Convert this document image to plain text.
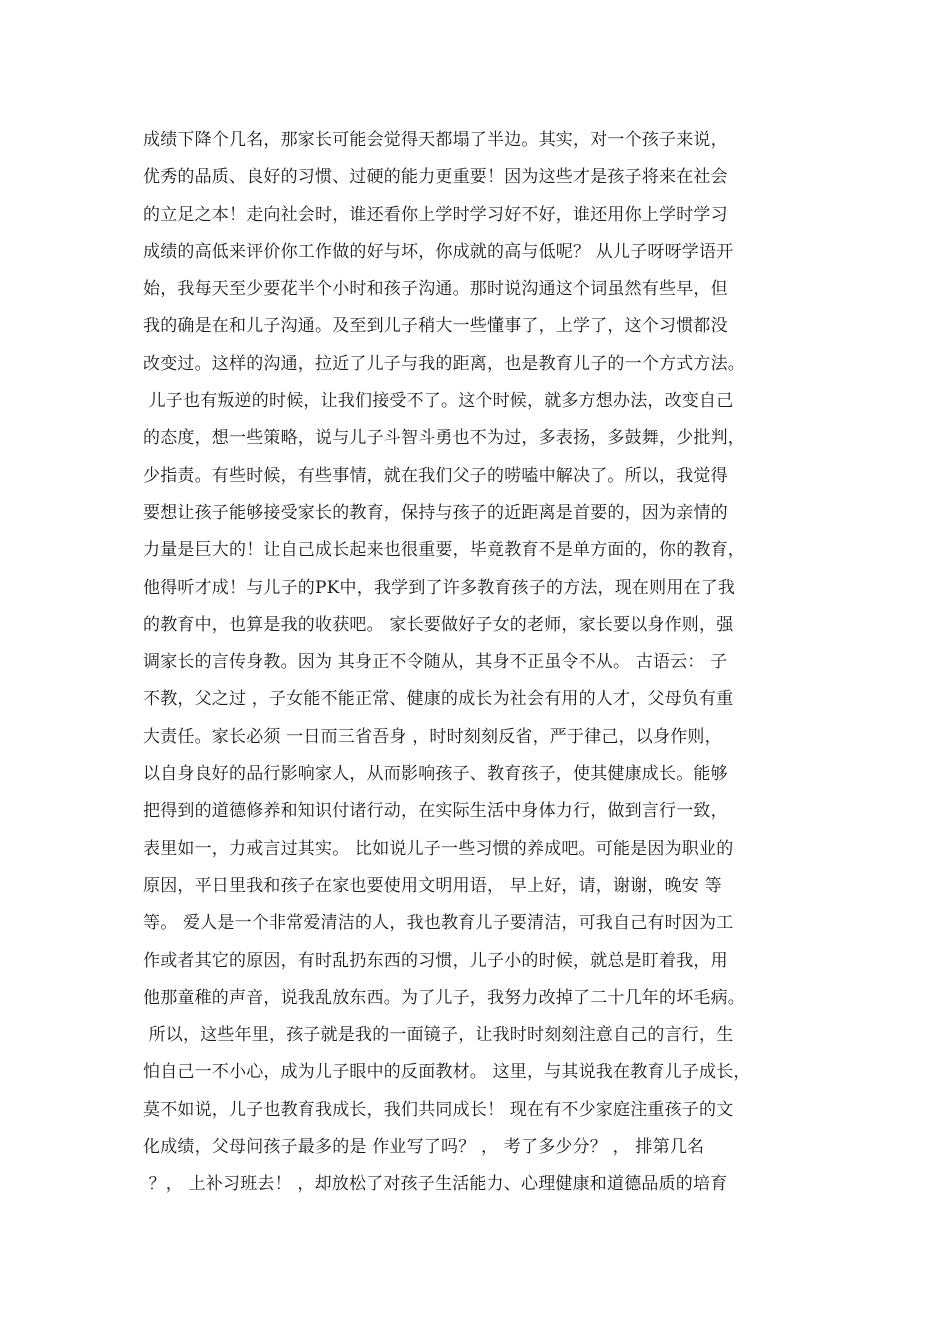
成绩下降个几名，那家长可能会觉得天都塌了半边。其实，对一个孩子来说，
优秀的品质、良好的习惯、过硬的能力更重要！因为这些才是孩子将来在社会
的立足之本！走向社会时，谁还看你上学时学习好不好，谁还用你上学时学习
成绩的高低来评价你工作做的好与坏，你成就的高与低呢？ 从儿子呀呀学语开
始，我每天至少要花半个小时和孩子沟通。那时说沟通这个词虽然有些早，但
我的确是在和儿子沟通。及至到儿子稍大一些懂事了，上学了，这个习惯都没
改变过。这样的沟通，拉近了儿子与我的距离，也是教育儿子的一个方式方法。
儿子也有叛逆的时候，让我们接受不了。这个时候，就多方想办法，改变自己
的态度，想一些策略，说与儿子斗智斗勇也不为过，多表扬，多鼓舞，少批判，
少指责。有些时候，有些事情，就在我们父子的唠嗑中解决了。所以，我觉得
要想让孩子能够接受家长的教育，保持与孩子的近距离是首要的，因为亲情的
力量是巨大的！让自己成长起来也很重要，毕竟教育不是单方面的，你的教育，
他得听才成！与儿子的PK中，我学到了许多教育孩子的方法，现在则用在了我
的教育中，也算是我的收获吧。 家长要做好子女的老师，家长要以身作则，强
调家长的言传身教。因为 其身正不令随从，其身不正虽令不从。 古语云： 子
不教，父之过 ，子女能不能正常、健康的成长为社会有用的人才，父母负有重
大责任。家长必须 一日而三省吾身 ，时时刻刻反省，严于律己，以身作则，
以自身良好的品行影响家人，从而影响孩子、教育孩子，使其健康成长。能够
把得到的道德修养和知识付诸行动，在实际生活中身体力行，做到言行一致，
表里如一，力戒言过其实。 比如说儿子一些习惯的养成吧。可能是因为职业的
原因，平日里我和孩子在家也要使用文明用语， 早上好，请，谢谢，晚安 等
等。 爱人是一个非常爱清洁的人，我也教育儿子要清洁，可我自己有时因为工
作或者其它的原因，有时乱扔东西的习惯，儿子小的时候，就总是盯着我，用
他那童稚的声音，说我乱放东西。为了儿子，我努力改掉了二十几年的坏毛病。
所以，这些年里，孩子就是我的一面镜子，让我时时刻刻注意自己的言行，生
怕自己一不小心，成为儿子眼中的反面教材。 这里，与其说我在教育儿子成长，
莫不如说，儿子也教育我成长，我们共同成长！ 现在有不少家庭注重孩子的文
化成绩，父母问孩子最多的是 作业写了吗？ ， 考了多少分？ ， 排第几名
？， 上补习班去！ ，却放松了对孩子生活能力、心理健康和道德品质的培育
